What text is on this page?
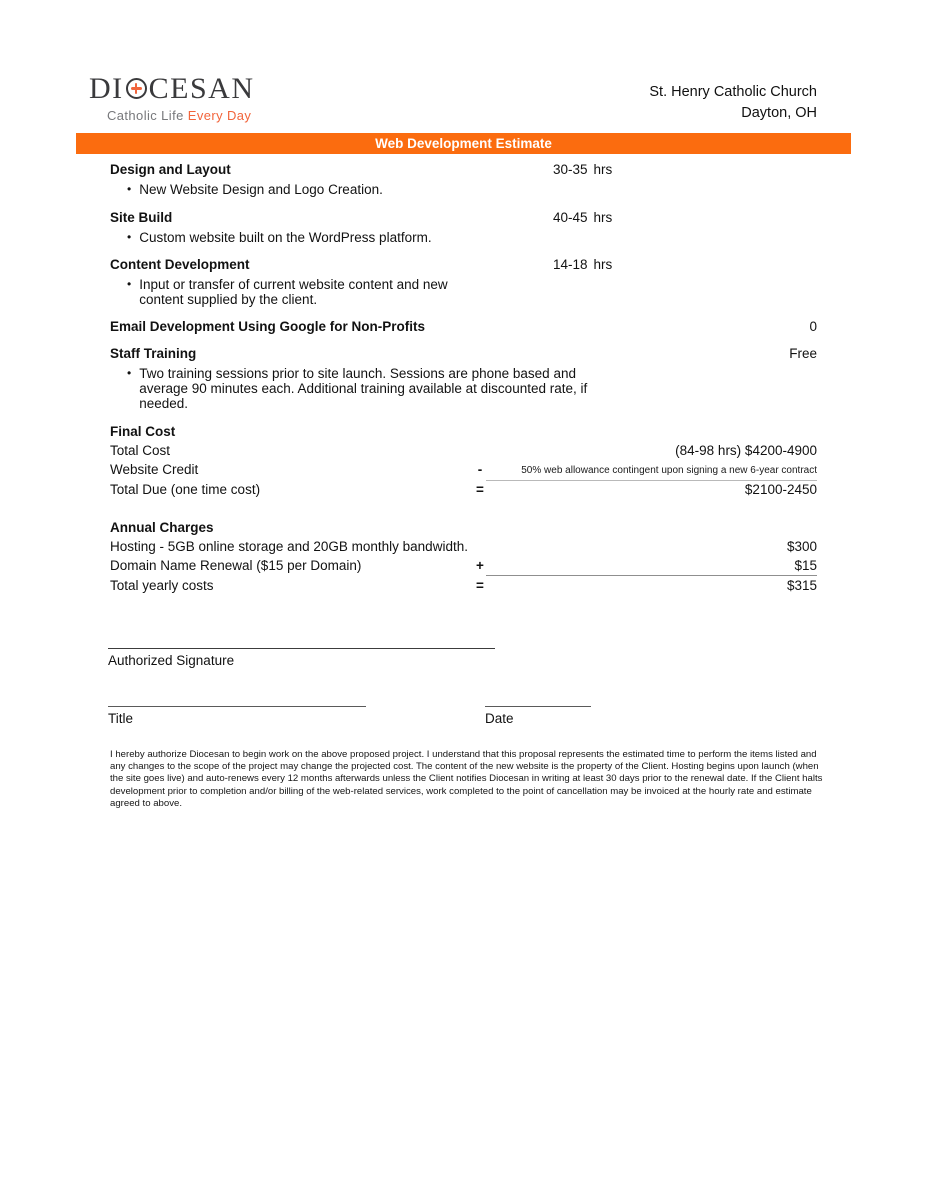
DI CESAN
Catholic Life Every Day
St. Henry Catholic Church
Dayton, OH
Web Development Estimate
Design and Layout	30-35 hrs
• New Website Design and Logo Creation.
Site Build	40-45 hrs
• Custom website built on the WordPress platform.
Content Development	14-18 hrs
• Input or transfer of current website content and new
content supplied by the client.
Email Development Using Google for Non-Profits	0
Staff Training	Free
• Two training sessions prior to site launch. Sessions are phone based and
average 90 minutes each. Additional training available at discounted rate, if
needed.
Final Cost
Total Cost	(84-98 hrs) $4200-4900
Website Credit	-	50% web allowance contingent upon signing a new 6-year contract
Total Due (one time cost)	=	$2100-2450
Annual Charges
Hosting - 5GB online storage and 20GB monthly bandwidth.	$300
Domain Name Renewal ($15 per Domain)	+	$15
Total yearly costs	=	$315
Authorized Signature
Title	Date
I hereby authorize Diocesan to begin work on the above proposed project. I understand that this proposal represents the estimated time to perform the items listed and any changes to the scope of the project may change the projected cost. The content of the new website is the property of the Client. Hosting begins upon launch (when the site goes live) and auto-renews every 12 months afterwards unless the Client notifies Diocesan in writing at least 30 days prior to the renewal date. If the Client halts development prior to completion and/or billing of the web-related services, work completed to the point of cancellation may be invoiced at the hourly rate and estimate agreed to above.
